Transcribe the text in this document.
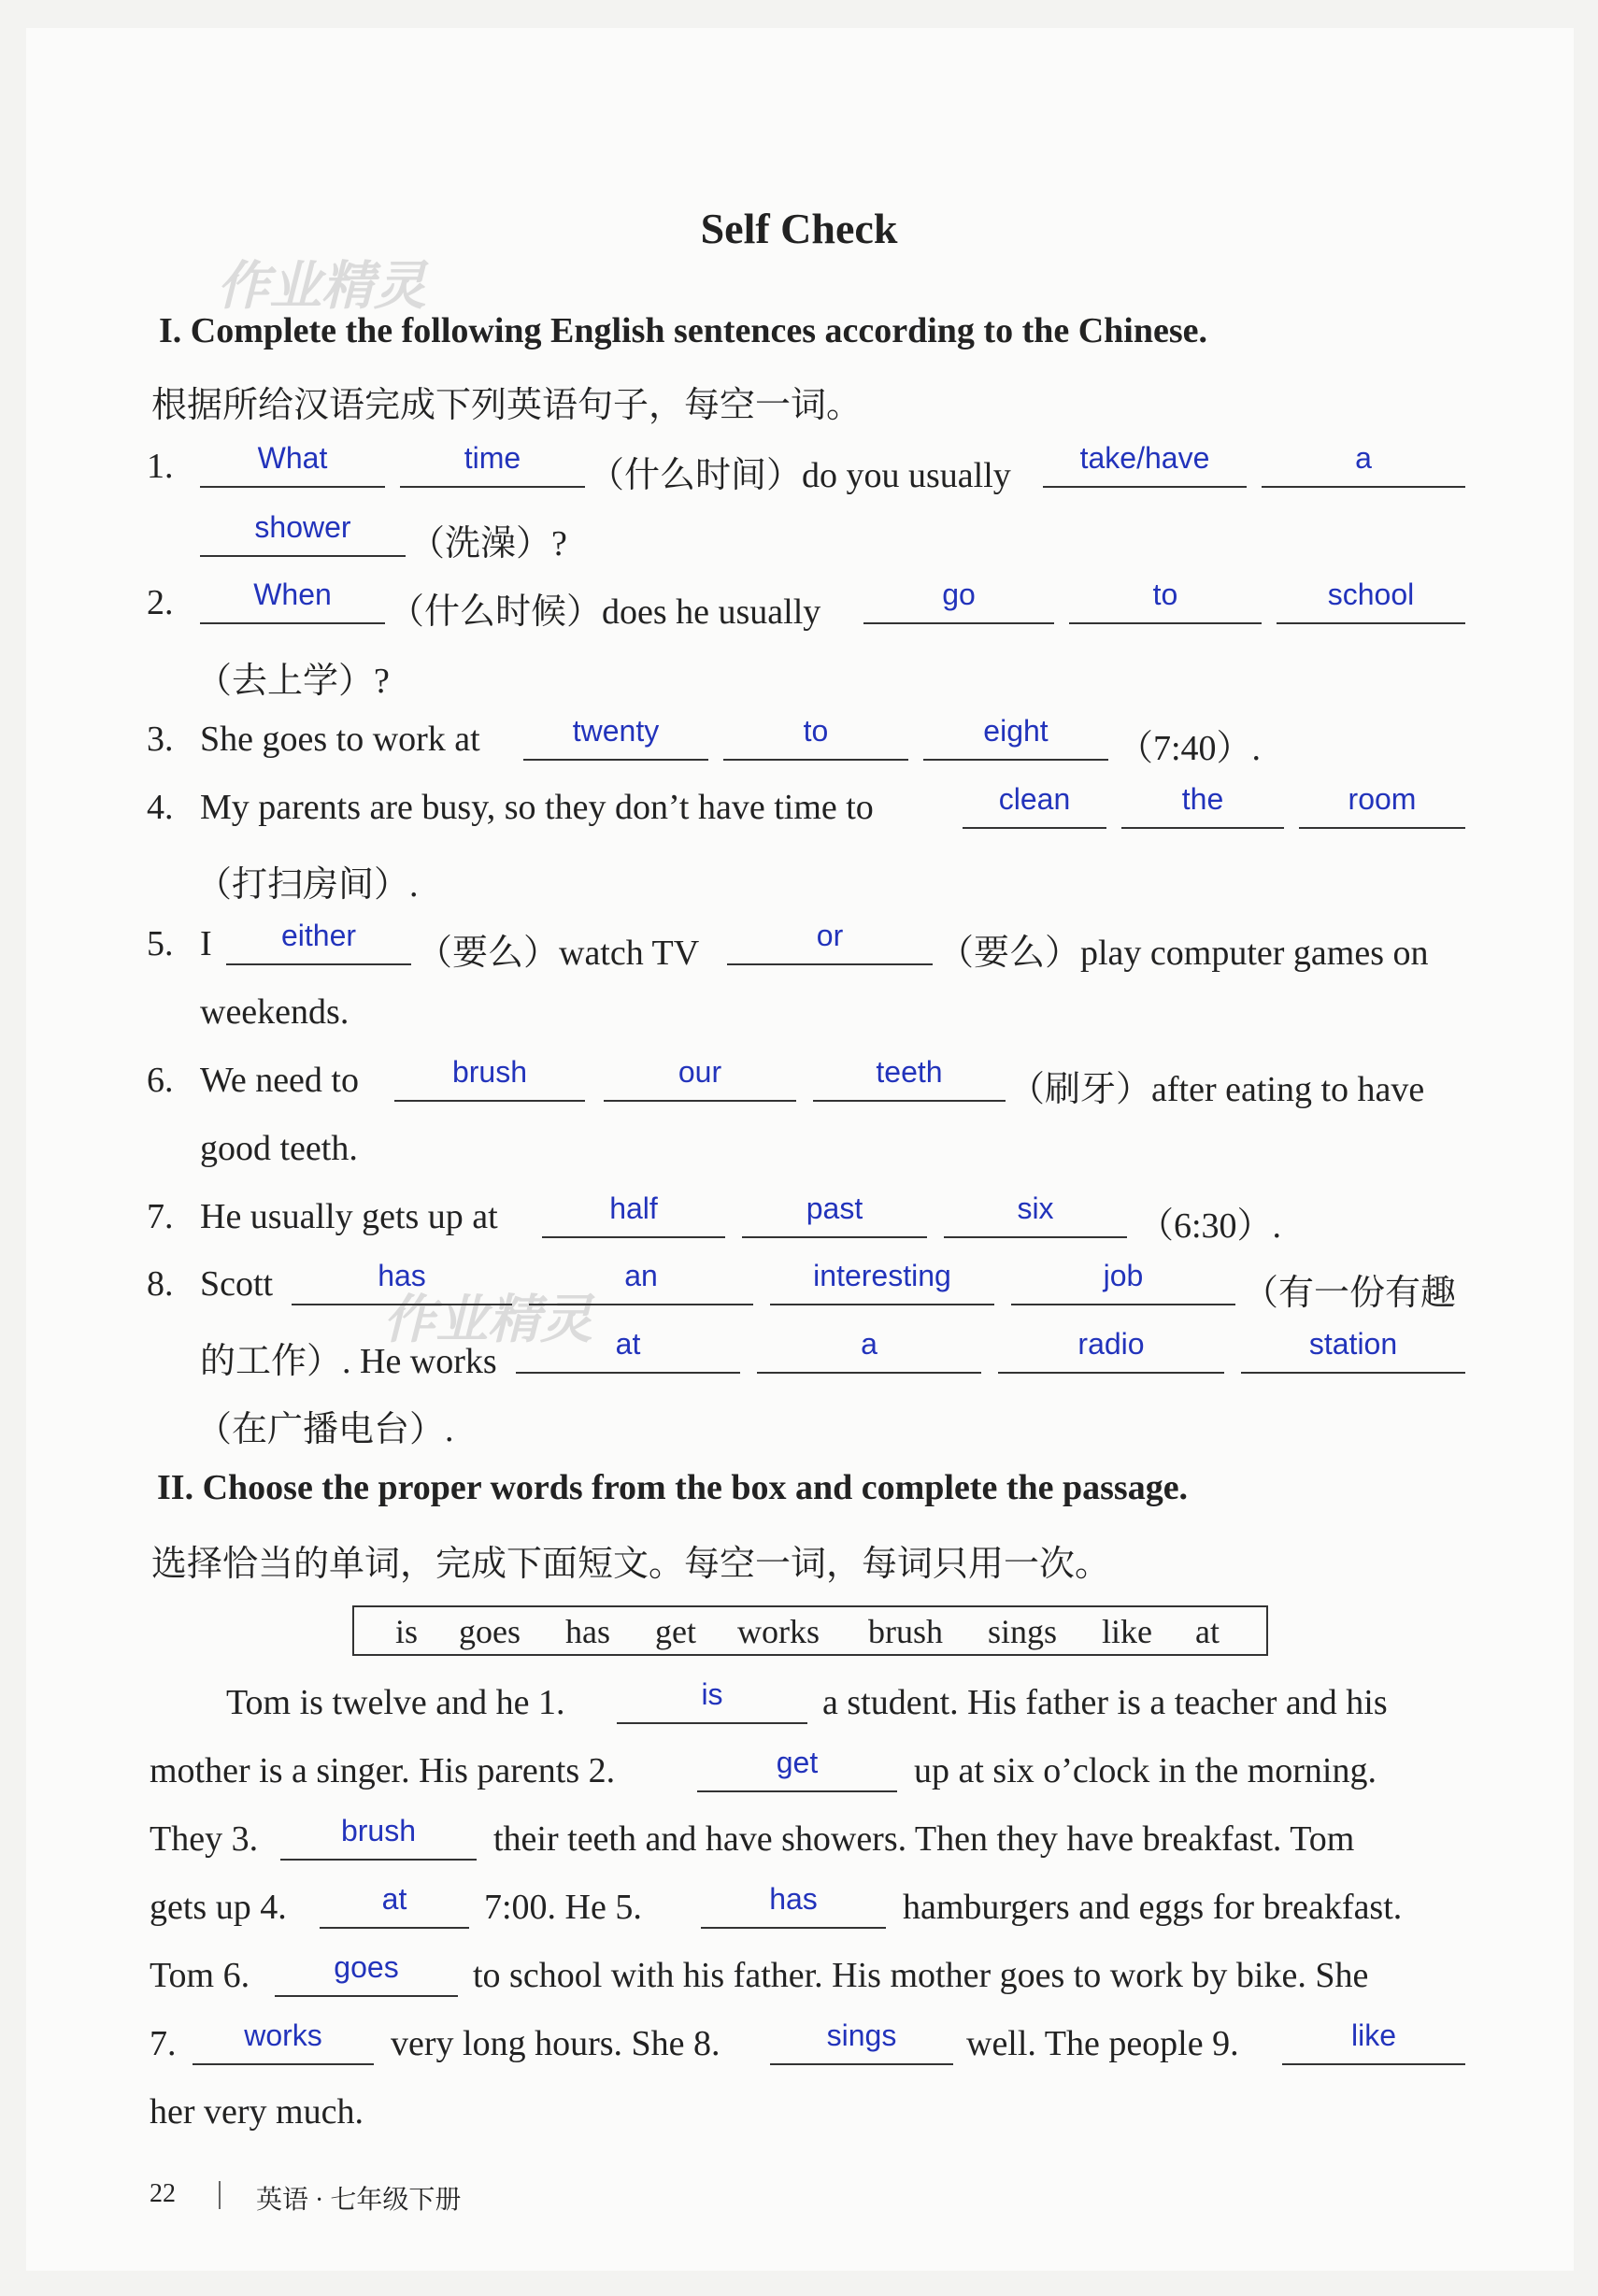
Self Check
作业精灵
作业精灵
I. Complete the following English sentences according to the Chinese.
根据所给汉语完成下列英语句子，每空一词。
1.	What	time	（什么时间）do you usually	take/have	a
shower	（洗澡）?
2.	When	（什么时候）does he usually	go	to	school
（去上学）?
3. She goes to work at	twenty	to	eight	（7:40）.
4. My parents are busy, so they don’t have time to	clean	the	room
（打扫房间）.
5. I	either	（要么）watch TV	or	（要么）play computer games on
weekends.
6. We need to	brush	our	teeth	（刷牙）after eating to have
good teeth.
7. He usually gets up at	half	past	six	（6:30）.
8. Scott	has	an	interesting	job	（有一份有趣
的工作）. He works	at	a	radio	station
（在广播电台）.
II. Choose the proper words from the box and complete the passage.
选择恰当的单词，完成下面短文。每空一词，每词只用一次。
is goes has get works brush sings like at
Tom is twelve and he 1.	is	a student. His father is a teacher and his
mother is a singer. His parents 2.	get	up at six o’clock in the morning.
They 3.	brush	their teeth and have showers. Then they have breakfast. Tom
gets up 4.	at	7:00. He 5.	has	hamburgers and eggs for breakfast.
Tom 6.	goes	to school with his father. His mother goes to work by bike. She
7.	works	very long hours. She 8.	sings	well. The people 9.	like
her very much.
22	英语 · 七年级下册
